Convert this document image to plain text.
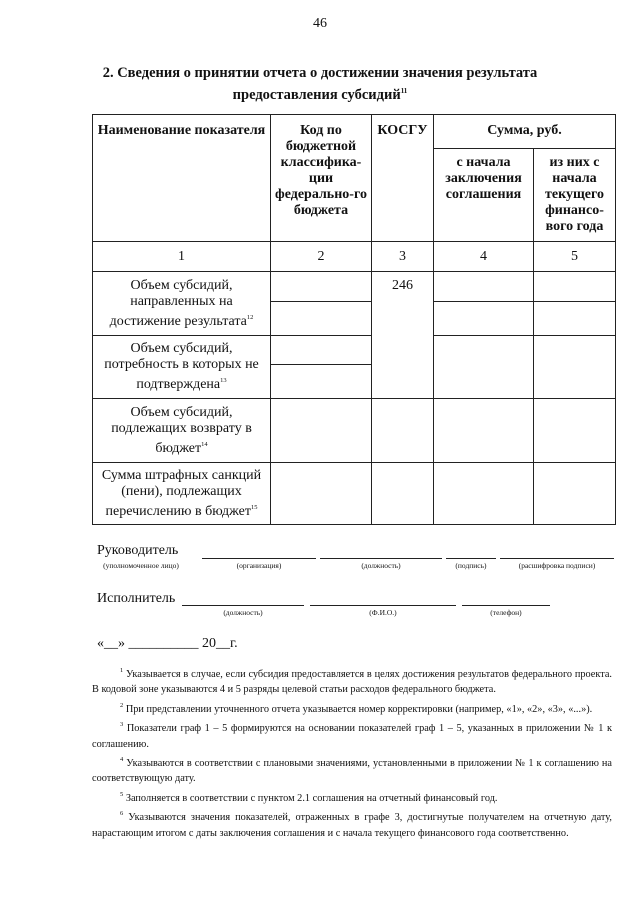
46
2. Сведения о принятии отчета о достижении значения результата
предоставления субсидий$^{11}$
Наименование показателя	Код по бюджетной классифика-ции федерально-го бюджета	КОСГУ	Сумма, руб.	
			с начала заключения соглашения	из них с начала текущего финансо-вого года
1	2	3	4	5
Объем субсидий, направленных на достижение результата$^{12}$		246		

Объем субсидий, потребность в которых не подтверждена$^{13}$			

Объем субсидий, подлежащих возврату в бюджет$^{14}$				
Сумма штрафных санкций (пени), подлежащих перечислению в бюджет$^{15}$				
Руководитель
(уполномоченное лицо)	(организация)	(должность)	(подпись)	(расшифровка подписи)
Исполнитель
(должность)	(Ф.И.О.)	(телефон)
«__» __________ 20__г.

$^1$ Указывается в случае, если субсидия предоставляется в целях достижения результатов федерального проекта. В кодовой зоне указываются 4 и 5 разряды целевой статьи расходов федерального бюджета.

$^2$ При представлении уточненного отчета указывается номер корректировки (например, «1», «2», «3», «...»).

$^3$ Показатели граф 1 – 5 формируются на основании показателей граф 1 – 5, указанных в приложении № 1 к соглашению.

$^4$ Указываются в соответствии с плановыми значениями, установленными в приложении № 1 к соглашению на соответствующую дату.

$^5$ Заполняется в соответствии с пунктом 2.1 соглашения на отчетный финансовый год.

$^6$ Указываются значения показателей, отраженных в графе 3, достигнутые получателем на отчетную дату, нарастающим итогом с даты заключения соглашения и с начала текущего финансового года соответственно.
